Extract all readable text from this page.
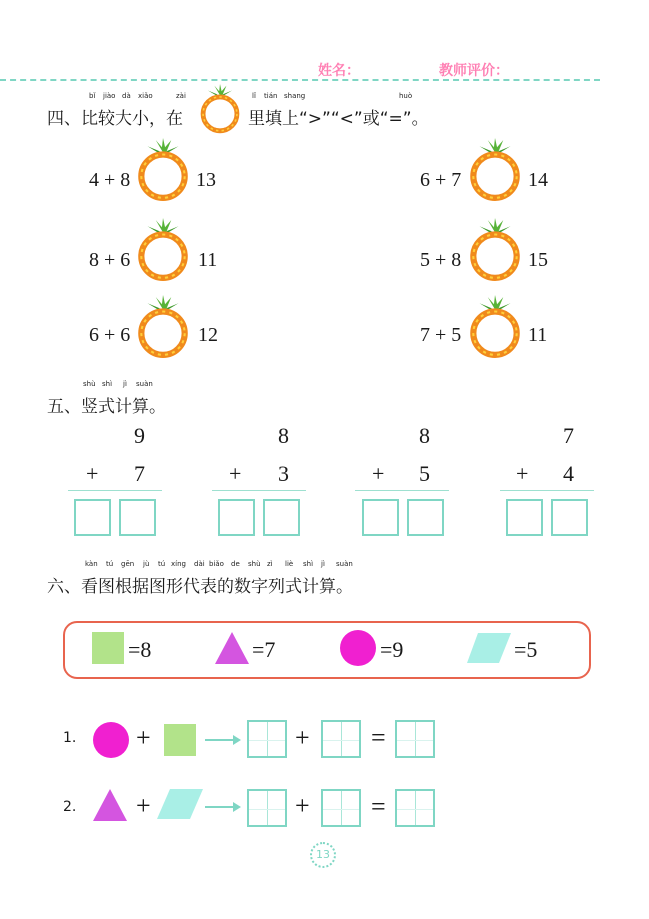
姓名：	教师评价：
四、比较大小，在
bǐ jiào dà xiǎo	zài
里填上“>”“<”或“=”。
lǐ tián shang	huò
4 + 8	13
8 + 6	11
6 + 6	12
6 + 7	14
5 + 8	15
7 + 5	11
五、竖式计算。
shù shì jì suàn
9
+ 7
8
+ 3
8
+ 5
7
+ 4
六、看图根据图形代表的数字列式计算。
kàn tú gēn jù tú xíng dài biǎo de shù zì liè shì jì suàn
=8	=7	=9	=5
1. +	+ =
2. +	+ =
13
